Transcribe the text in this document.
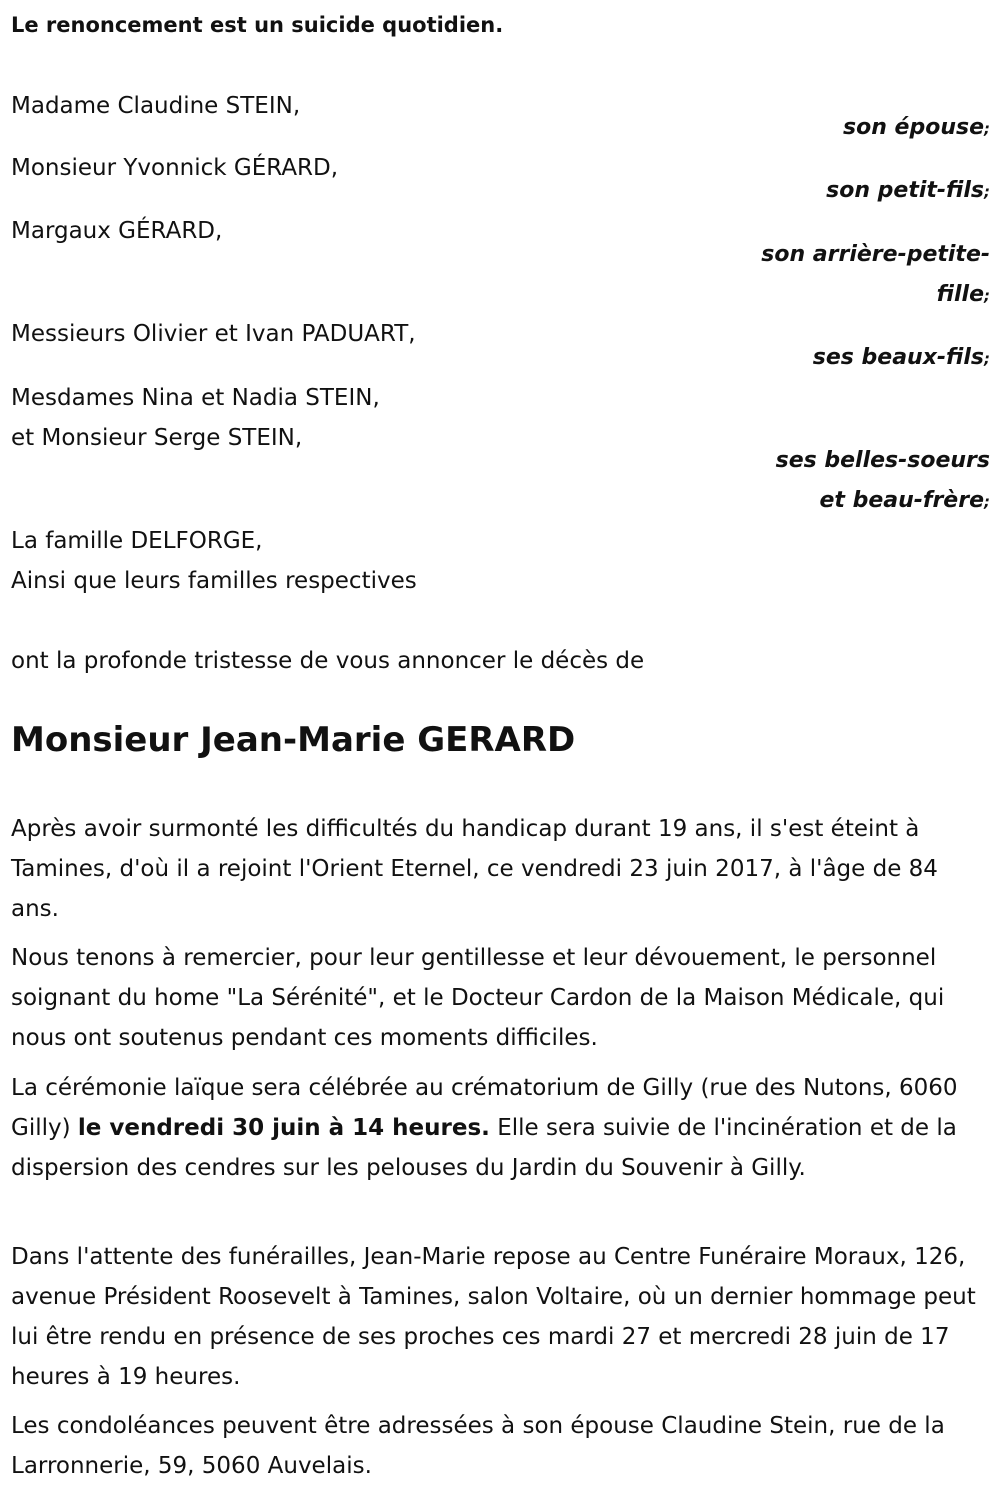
Le renoncement est un suicide quotidien.
Madame Claudine STEIN,
son épouse;
Monsieur Yvonnick GÉRARD,
son petit-fils;
Margaux GÉRARD,
son arrière-petite-
fille;
Messieurs Olivier et Ivan PADUART,
ses beaux-fils;
Mesdames Nina et Nadia STEIN,
et Monsieur Serge STEIN,
ses belles-soeurs
et beau-frère;
La famille DELFORGE,
Ainsi que leurs familles respectives
ont la profonde tristesse de vous annoncer le décès de
Monsieur Jean-Marie GERARD

Après avoir surmonté les difficultés du handicap durant 19 ans, il s'est éteint à Tamines, d'où il a rejoint l'Orient Eternel, ce vendredi 23 juin 2017, à l'âge de 84 ans.

Nous tenons à remercier, pour leur gentillesse et leur dévouement, le personnel soignant du home "La Sérénité", et le Docteur Cardon de la Maison Médicale, qui nous ont soutenus pendant ces moments difficiles.

La cérémonie laïque sera célébrée au crématorium de Gilly (rue des Nutons, 6060 Gilly) le vendredi 30 juin à 14 heures. Elle sera suivie de l'incinération et de la dispersion des cendres sur les pelouses du Jardin du Souvenir à Gilly.

Dans l'attente des funérailles, Jean-Marie repose au Centre Funéraire Moraux, 126, avenue Président Roosevelt à Tamines, salon Voltaire, où un dernier hommage peut lui être rendu en présence de ses proches ces mardi 27 et mercredi 28 juin de 17 heures à 19 heures.

Les condoléances peuvent être adressées à son épouse Claudine Stein, rue de la Larronnerie, 59, 5060 Auvelais.
